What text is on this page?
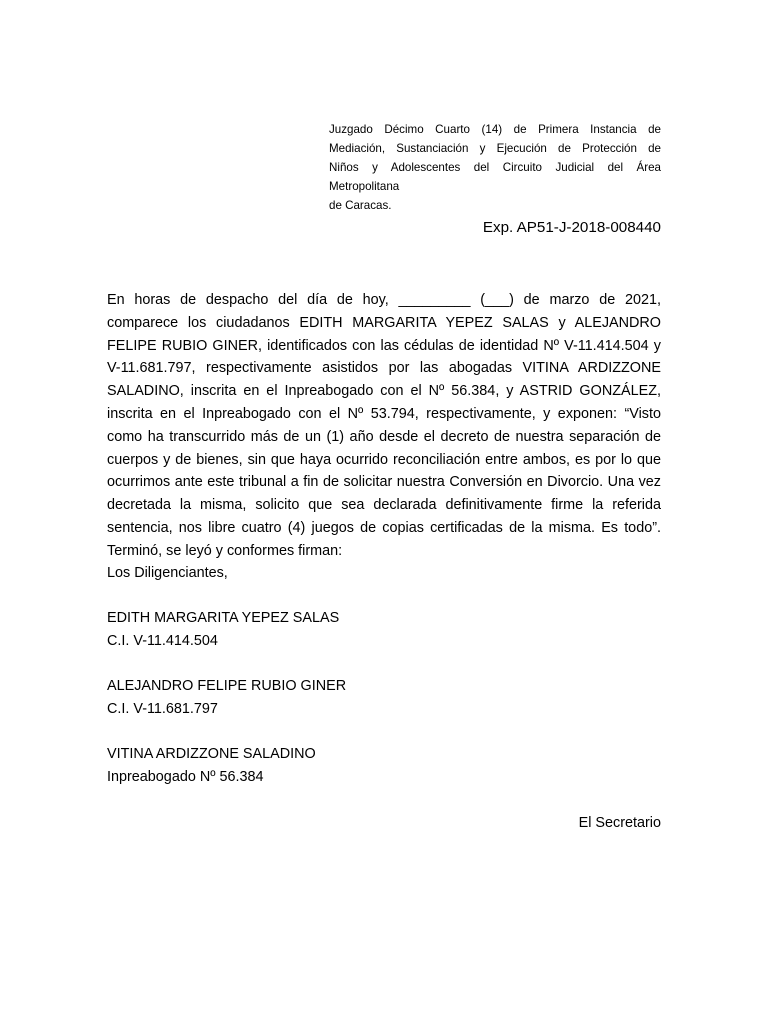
Juzgado Décimo Cuarto (14) de Primera Instancia de
Mediación, Sustanciación y Ejecución de Protección de
Niños y Adolescentes del Circuito Judicial del Área
Metropolitana
de Caracas.
Exp. AP51-J-2018-008440
En horas de despacho del día de hoy, _________ (___) de marzo de 2021, comparece los ciudadanos EDITH MARGARITA YEPEZ SALAS y ALEJANDRO FELIPE RUBIO GINER, identificados con las cédulas de identidad Nº V-11.414.504 y V-11.681.797, respectivamente asistidos por las abogadas VITINA ARDIZZONE SALADINO, inscrita en el Inpreabogado con el Nº 56.384, y ASTRID GONZÁLEZ, inscrita en el Inpreabogado con el Nº 53.794, respectivamente, y exponen: “Visto como ha transcurrido más de un (1) año desde el decreto de nuestra separación de cuerpos y de bienes, sin que haya ocurrido reconciliación entre ambos, es por lo que ocurrimos ante este tribunal a fin de solicitar nuestra Conversión en Divorcio. Una vez decretada la misma, solicito que sea declarada definitivamente firme la referida sentencia, nos libre cuatro (4) juegos de copias certificadas de la misma. Es todo”. Terminó, se leyó y conformes firman:
Los Diligenciantes,
EDITH MARGARITA YEPEZ SALAS
C.I. V-11.414.504
ALEJANDRO FELIPE RUBIO GINER
C.I. V-11.681.797
VITINA ARDIZZONE SALADINO
Inpreabogado Nº 56.384
El Secretario
